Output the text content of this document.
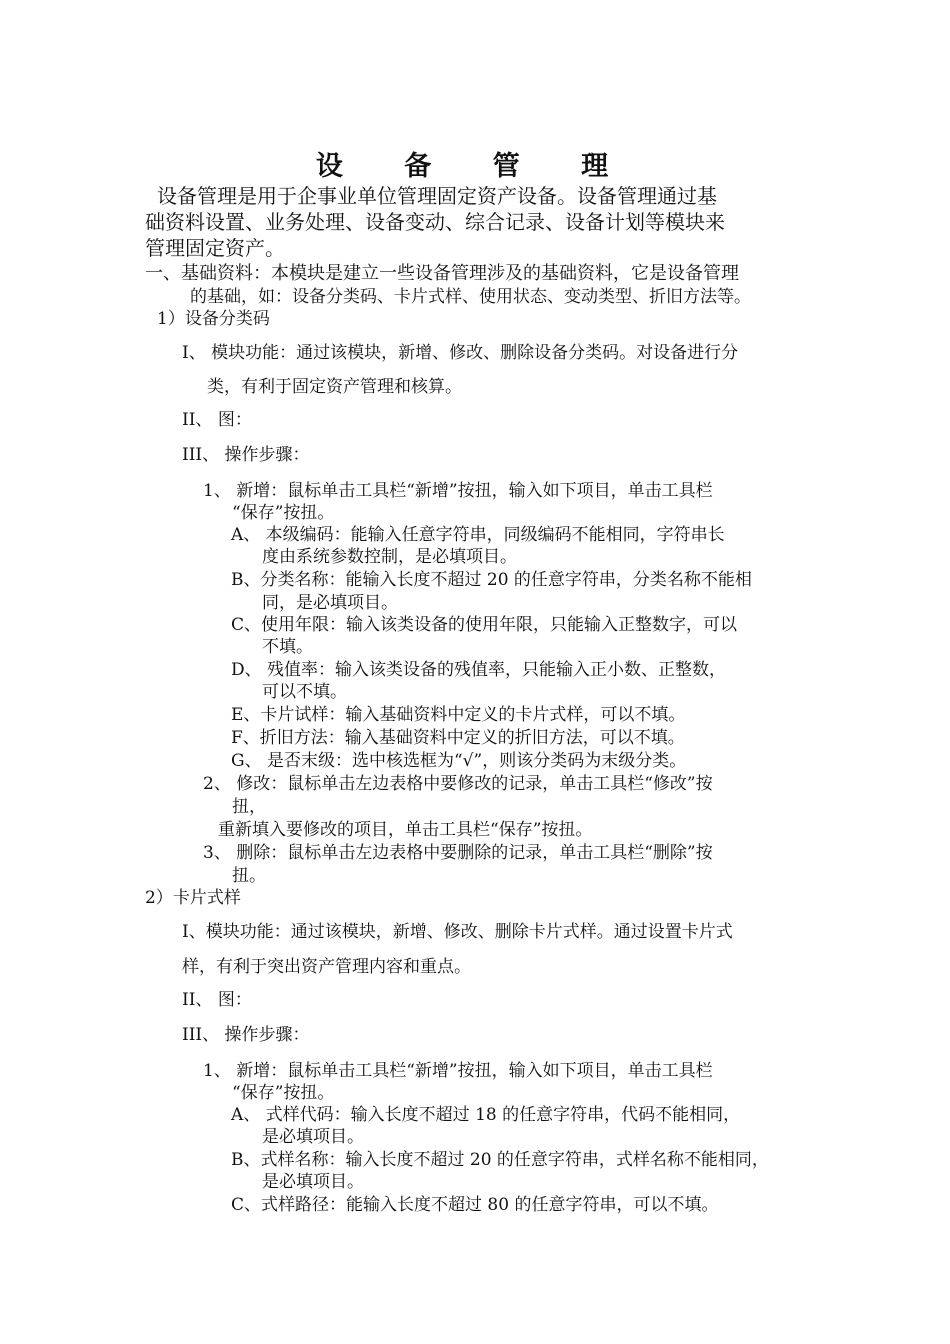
设 备 管 理
设备管理是用于企事业单位管理固定资产设备。设备管理通过基
础资料设置、业务处理、设备变动、综合记录、设备计划等模块来
管理固定资产。
一、基础资料：本模块是建立一些设备管理涉及的基础资料，它是设备管理
的基础，如：设备分类码、卡片式样、使用状态、变动类型、折旧方法等。
1）设备分类码
I、 模块功能：通过该模块，新增、修改、删除设备分类码。对设备进行分
类，有利于固定资产管理和核算。
II、 图：
III、 操作步骤：
1、 新增：鼠标单击工具栏“新增”按扭，输入如下项目，单击工具栏
“保存”按扭。
A、 本级编码：能输入任意字符串，同级编码不能相同，字符串长
度由系统参数控制，是必填项目。
B、分类名称：能输入长度不超过 20 的任意字符串，分类名称不能相
同，是必填项目。
C、使用年限：输入该类设备的使用年限，只能输入正整数字，可以
不填。
D、 残值率：输入该类设备的残值率，只能输入正小数、正整数，
可以不填。
E、卡片试样：输入基础资料中定义的卡片式样，可以不填。
F、折旧方法：输入基础资料中定义的折旧方法，可以不填。
G、 是否末级：选中核选框为“√”，则该分类码为末级分类。
2、 修改：鼠标单击左边表格中要修改的记录，单击工具栏“修改”按
扭，
重新填入要修改的项目，单击工具栏“保存”按扭。
3、 删除：鼠标单击左边表格中要删除的记录，单击工具栏“删除”按
扭。
2）卡片式样
I、模块功能：通过该模块，新增、修改、删除卡片式样。通过设置卡片式
样，有利于突出资产管理内容和重点。
II、 图：
III、 操作步骤：
1、 新增：鼠标单击工具栏“新增”按扭，输入如下项目，单击工具栏
“保存”按扭。
A、 式样代码：输入长度不超过 18 的任意字符串，代码不能相同，
是必填项目。
B、式样名称：输入长度不超过 20 的任意字符串，式样名称不能相同，
是必填项目。
C、式样路径：能输入长度不超过 80 的任意字符串，可以不填。
